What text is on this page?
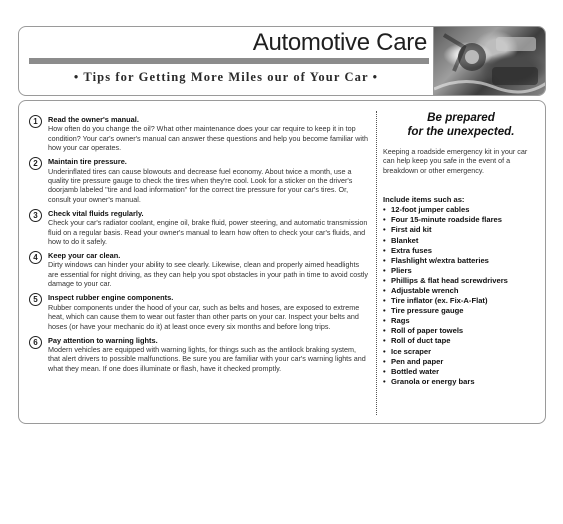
Automotive Care
• Tips for Getting More Miles our of Your Car •
1	Read the owner's manual.
How often do you change the oil? What other maintenance does your car require to keep it in top condition? Your car's owner's manual can answer these questions and help you become familiar with how your car operates.
2	Maintain tire pressure.
Underinflated tires can cause blowouts and decrease fuel economy. About twice a month, use a quality tire pressure gauge to check the tires when they're cool. Look for a sticker on the driver's doorjamb labeled "tire and load information" for the correct tire pressure for your car's tires. Or, consult your owner's manual.
3	Check vital fluids regularly.
Check your car's radiator coolant, engine oil, brake fluid, power steering, and automatic transmission fluid on a regular basis. Read your owner's manual to learn how often to check your car's fluids, and how to do it safely.
4	Keep your car clean.
Dirty windows can hinder your ability to see clearly. Likewise, clean and properly aimed headlights are essential for night driving, as they can help you spot obstacles in your path in time to avoid costly damage to your car.
5	Inspect rubber engine components.
Rubber components under the hood of your car, such as belts and hoses, are exposed to extreme heat, which can cause them to wear out faster than other parts on your car. Inspect your belts and hoses (or have your mechanic do it) at least once every six months and before long trips.
6	Pay attention to warning lights.
Modern vehicles are equipped with warning lights, for things such as the antilock braking system, that alert drivers to possible malfunctions. Be sure you are familiar with your car's warning lights and what they mean. If one does illuminate or flash, have it checked promptly.
Be prepared
for the unexpected.
Keeping a roadside emergency kit in your car can help keep you safe in the event of a breakdown or other emergency.
Include items such as:
• 12-foot jumper cables
• Four 15-minute roadside flares
• First aid kit
• Blanket
• Extra fuses
• Flashlight w/extra batteries
• Pliers
• Phillips & flat head screwdrivers
• Adjustable wrench
• Tire inflator (ex. Fix-A-Flat)
• Tire pressure gauge
• Rags
• Roll of paper towels
• Roll of duct tape
• Ice scraper
• Pen and paper
• Bottled water
• Granola or energy bars
